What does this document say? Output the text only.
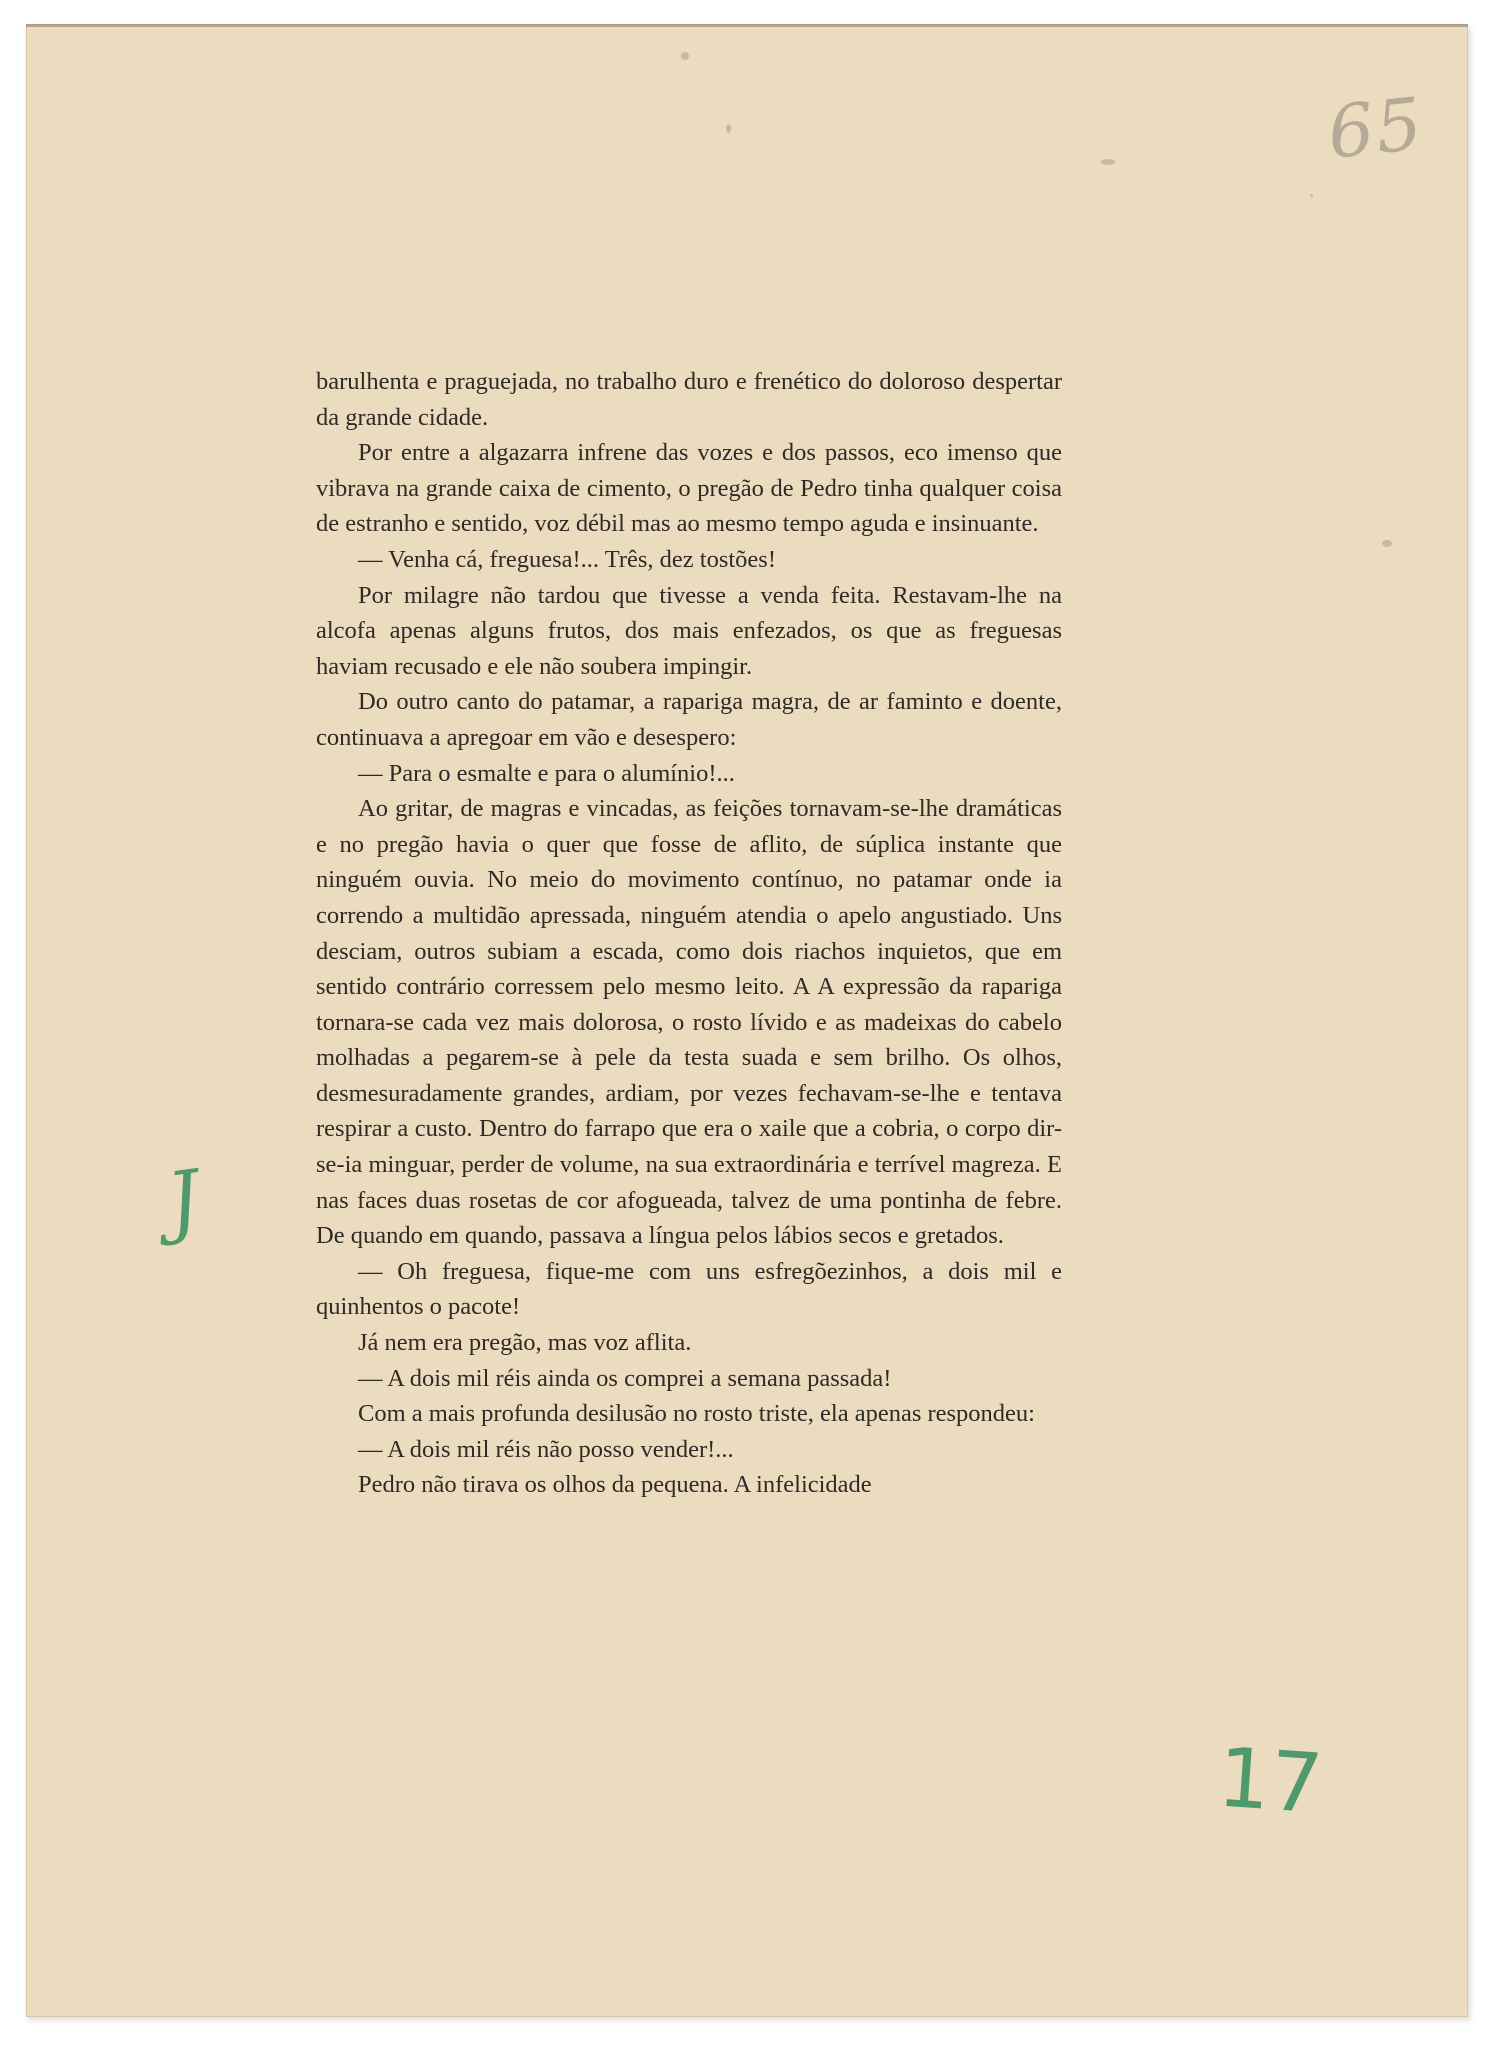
65

barulhenta e praguejada, no trabalho duro e frenético do doloroso despertar da grande cidade.

Por entre a algazarra infrene das vozes e dos passos, eco imenso que vibrava na grande caixa de cimento, o pregão de Pedro tinha qualquer coisa de estranho e sentido, voz débil mas ao mesmo tempo aguda e insinuante.

— Venha cá, freguesa!... Três, dez tostões!

Por milagre não tardou que tivesse a venda feita. Restavam-lhe na alcofa apenas alguns frutos, dos mais enfezados, os que as freguesas haviam recusado e ele não soubera impingir.

Do outro canto do patamar, a rapariga magra, de ar faminto e doente, continuava a apregoar em vão e desespero:

— Para o esmalte e para o alumínio!...

Ao gritar, de magras e vincadas, as feições tornavam-se-lhe dramáticas e no pregão havia o quer que fosse de aflito, de súplica instante que ninguém ouvia. No meio do movimento contínuo, no patamar onde ia correndo a multidão apressada, ninguém atendia o apelo angustiado. Uns desciam, outros subiam a escada, como dois riachos inquietos, que em sentido contrário corressem pelo mesmo leito. A A expressão da rapariga tornara-se cada vez mais dolorosa, o rosto lívido e as madeixas do cabelo molhadas a pegarem-se à pele da testa suada e sem brilho. Os olhos, desmesuradamente grandes, ardiam, por vezes fechavam-se-lhe e tentava respirar a custo. Dentro do farrapo que era o xaile que a cobria, o corpo dir-se-ia minguar, perder de volume, na sua extraordinária e terrível magreza. E nas faces duas rosetas de cor afogueada, talvez de uma pontinha de febre. De quando em quando, passava a língua pelos lábios secos e gretados.

— Oh freguesa, fique-me com uns esfregõezinhos, a dois mil e quinhentos o pacote!

Já nem era pregão, mas voz aflita.

— A dois mil réis ainda os comprei a semana passada!

Com a mais profunda desilusão no rosto triste, ela apenas respondeu:

— A dois mil réis não posso vender!...

Pedro não tirava os olhos da pequena. A infelicidade

J
17
